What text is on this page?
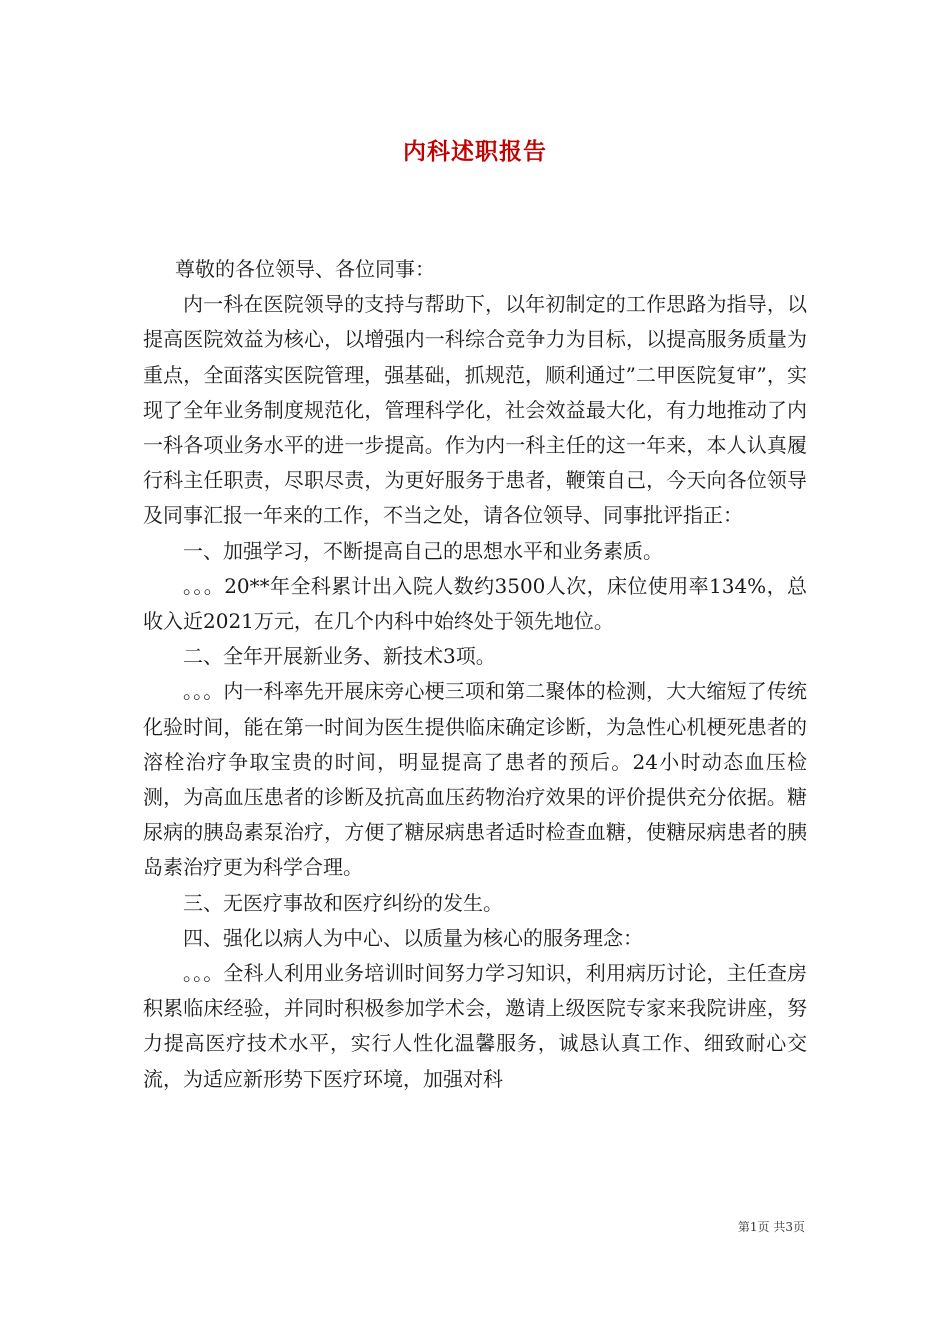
内科述职报告

尊敬的各位领导、各位同事：

内一科在医院领导的支持与帮助下，以年初制定的工作思路为指导，以提高医院效益为核心，以增强内一科综合竞争力为目标，以提高服务质量为重点，全面落实医院管理，强基础，抓规范，顺利通过”二甲医院复审”，实现了全年业务制度规范化，管理科学化，社会效益最大化，有力地推动了内一科各项业务水平的进一步提高。作为内一科主任的这一年来，本人认真履行科主任职责，尽职尽责，为更好服务于患者，鞭策自己，今天向各位领导及同事汇报一年来的工作，不当之处，请各位领导、同事批评指正：

一、加强学习，不断提高自己的思想水平和业务素质。

。。。20**年全科累计出入院人数约3500人次，床位使用率134%，总收入近2021万元，在几个内科中始终处于领先地位。

二、全年开展新业务、新技术3项。

。。。内一科率先开展床旁心梗三项和第二聚体的检测，大大缩短了传统化验时间，能在第一时间为医生提供临床确定诊断，为急性心机梗死患者的溶栓治疗争取宝贵的时间，明显提高了患者的预后。24小时动态血压检测，为高血压患者的诊断及抗高血压药物治疗效果的评价提供充分依据。糖尿病的胰岛素泵治疗，方便了糖尿病患者适时检查血糖，使糖尿病患者的胰岛素治疗更为科学合理。

三、无医疗事故和医疗纠纷的发生。

四、强化以病人为中心、以质量为核心的服务理念：

。。。全科人利用业务培训时间努力学习知识，利用病历讨论，主任查房积累临床经验，并同时积极参加学术会，邀请上级医院专家来我院讲座，努力提高医疗技术水平，实行人性化温馨服务，诚恳认真工作、细致耐心交流，为适应新形势下医疗环境，加强对科

第1页 共3页
